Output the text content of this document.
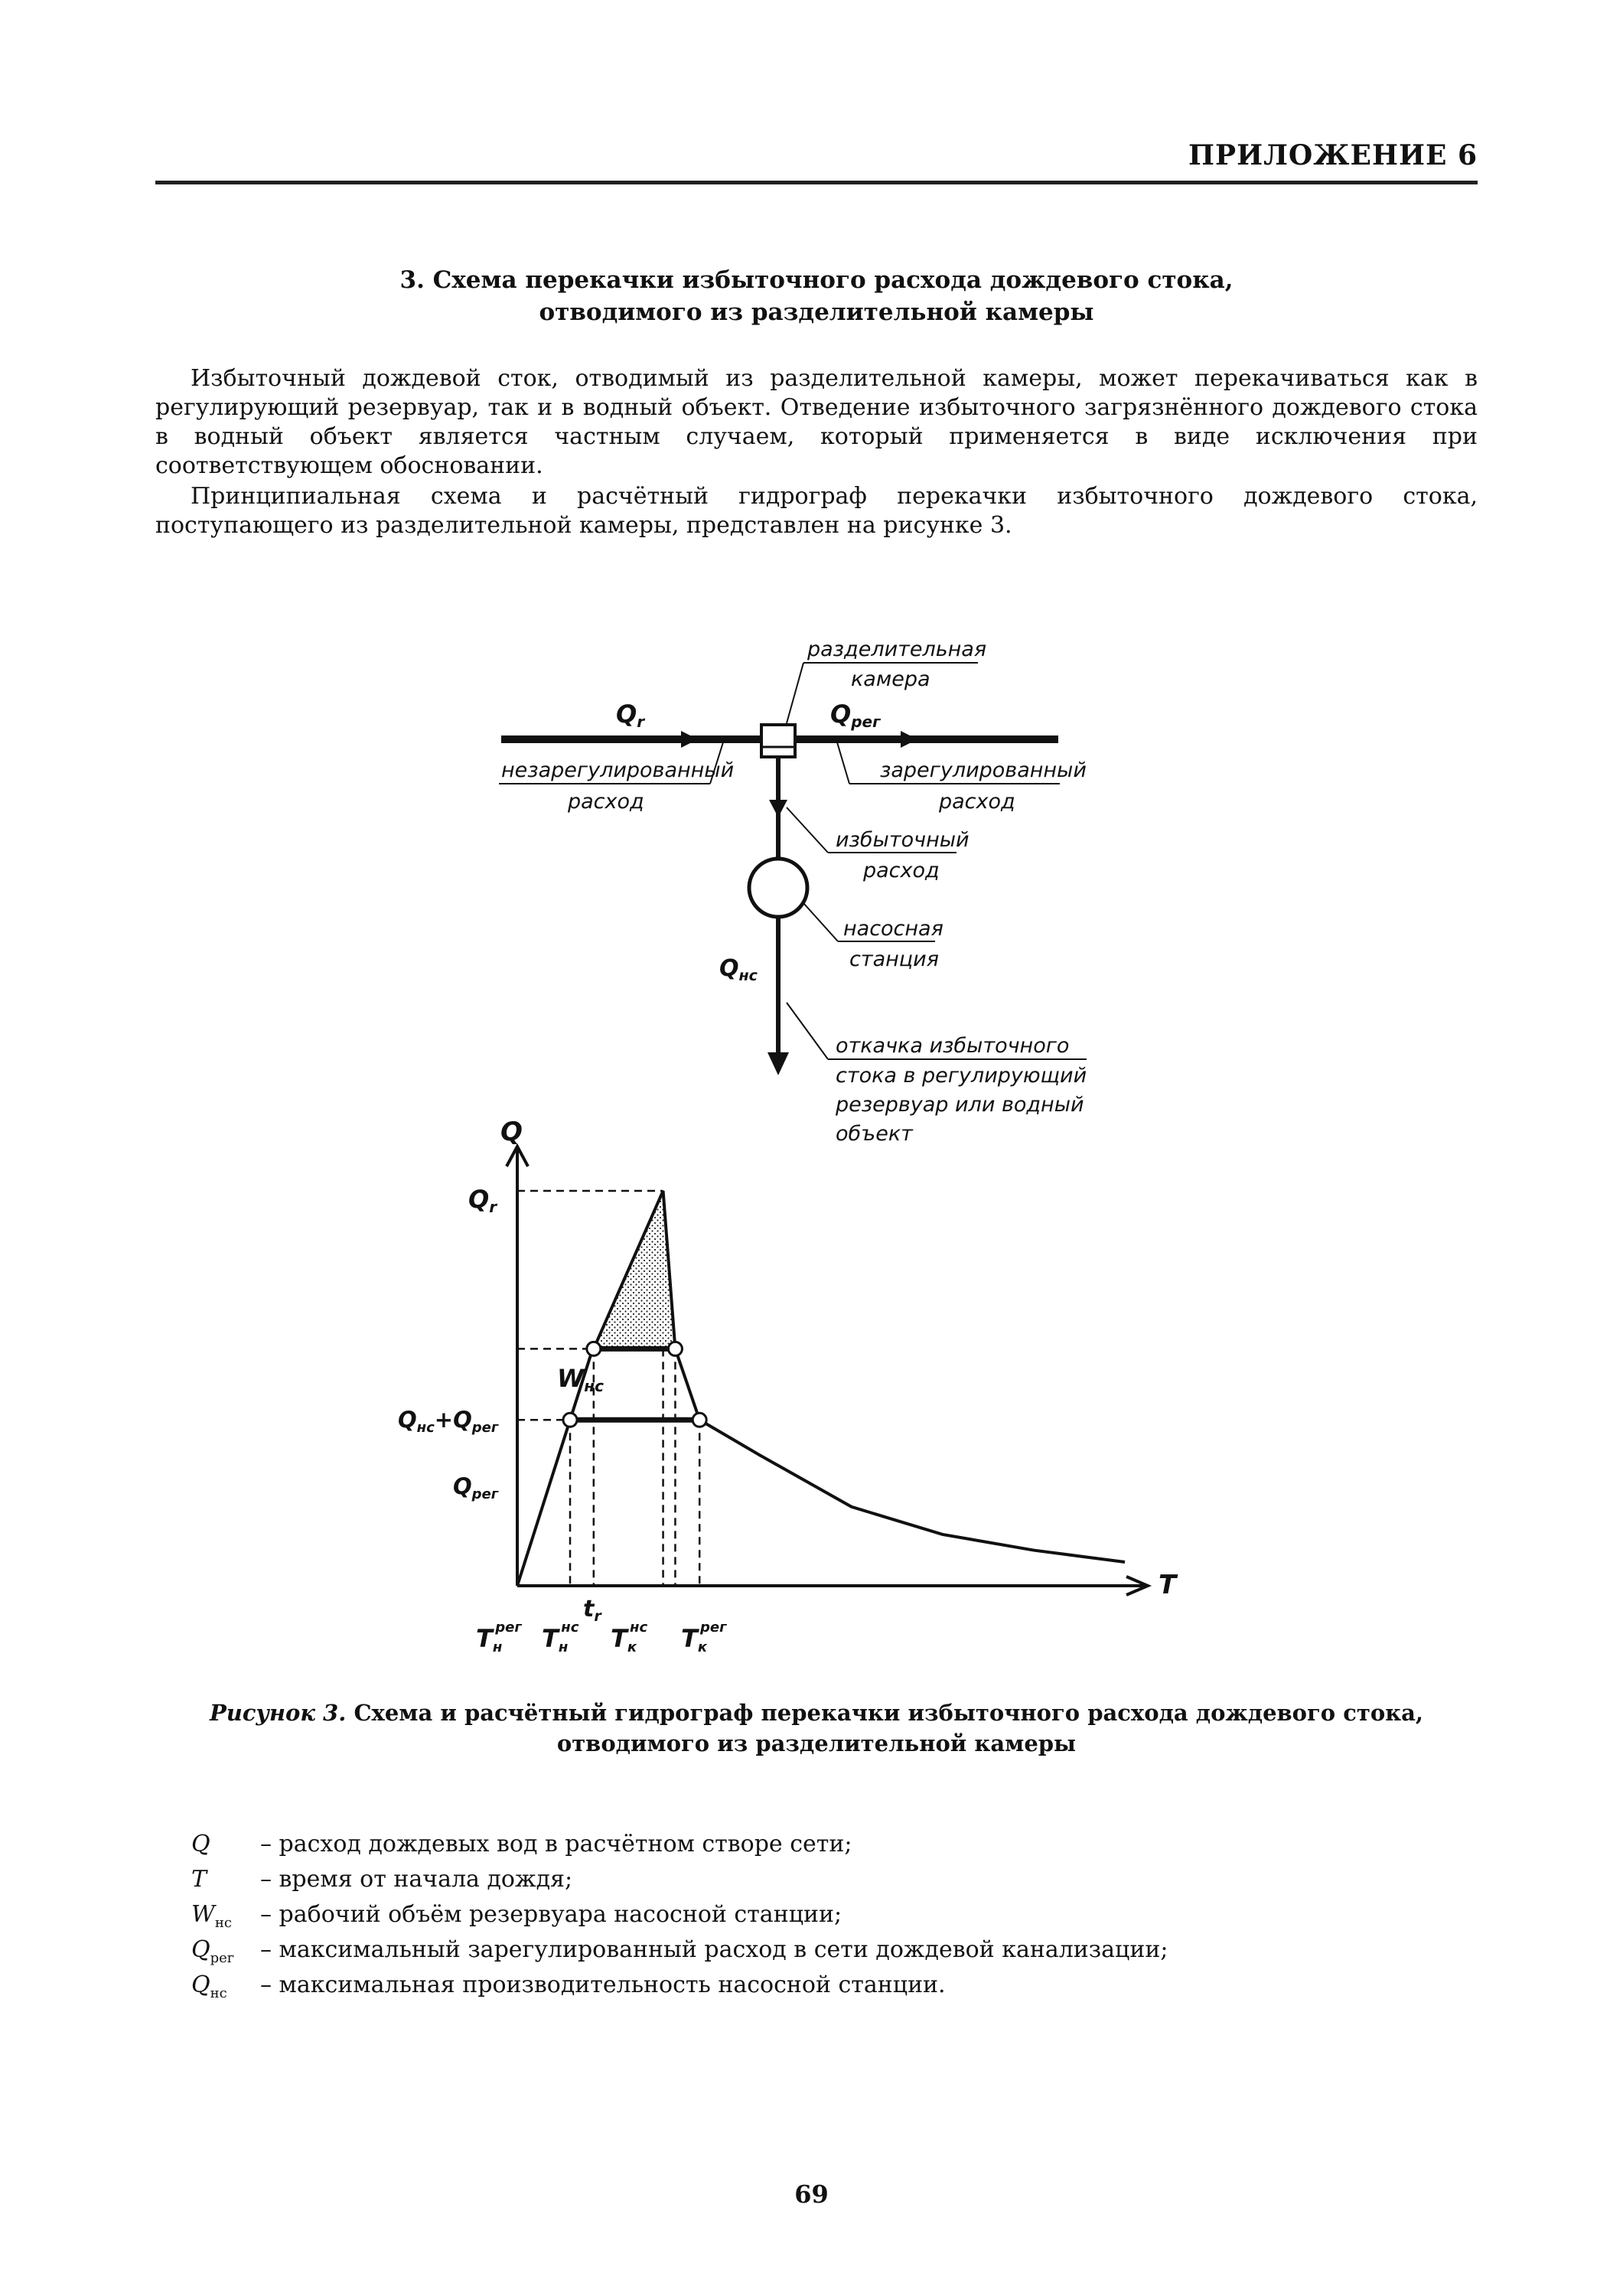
ПРИЛОЖЕНИЕ 6
3. Схема перекачки избыточного расхода дождевого стока,
отводимого из разделительной камеры

Избыточный дождевой сток, отводимый из разделительной камеры, может перекачиваться как в регулирующий резервуар, так и в водный объект. Отведение избыточного загрязнённого дождевого стока в водный объект является частным случаем, который применяется в виде исключения при соответствующем обосновании.

Принципиальная схема и расчётный гидрограф перекачки избыточного дождевого стока, поступающего из разделительной камеры, представлен на рисунке 3.

Qr	Qрег
$Q_{нс}$
разделительная
камера
незарегулированный
расход
зарегулированный
расход
избыточный
расход
насосная
станция
откачка избыточного
стока в регулирующий
резервуар или водный
объект
Q
T
Qr
$Q_{нс}+Q_{рег}$
$Q_{рег}$
Wнс
$t_r$
Tнрег Tннс Tкнс Tкрег
Рисунок 3. Схема и расчётный гидрограф перекачки избыточного расхода дождевого стока,
отводимого из разделительной камеры
Q	– расход дождевых вод в расчётном створе сети;
T	– время от начала дождя;
$W_{нс}$	– рабочий объём резервуара насосной станции;
$Q_{рег}$	– максимальный зарегулированный расход в сети дождевой канализации;
$Q_{нс}$	– максимальная производительность насосной станции.
69
